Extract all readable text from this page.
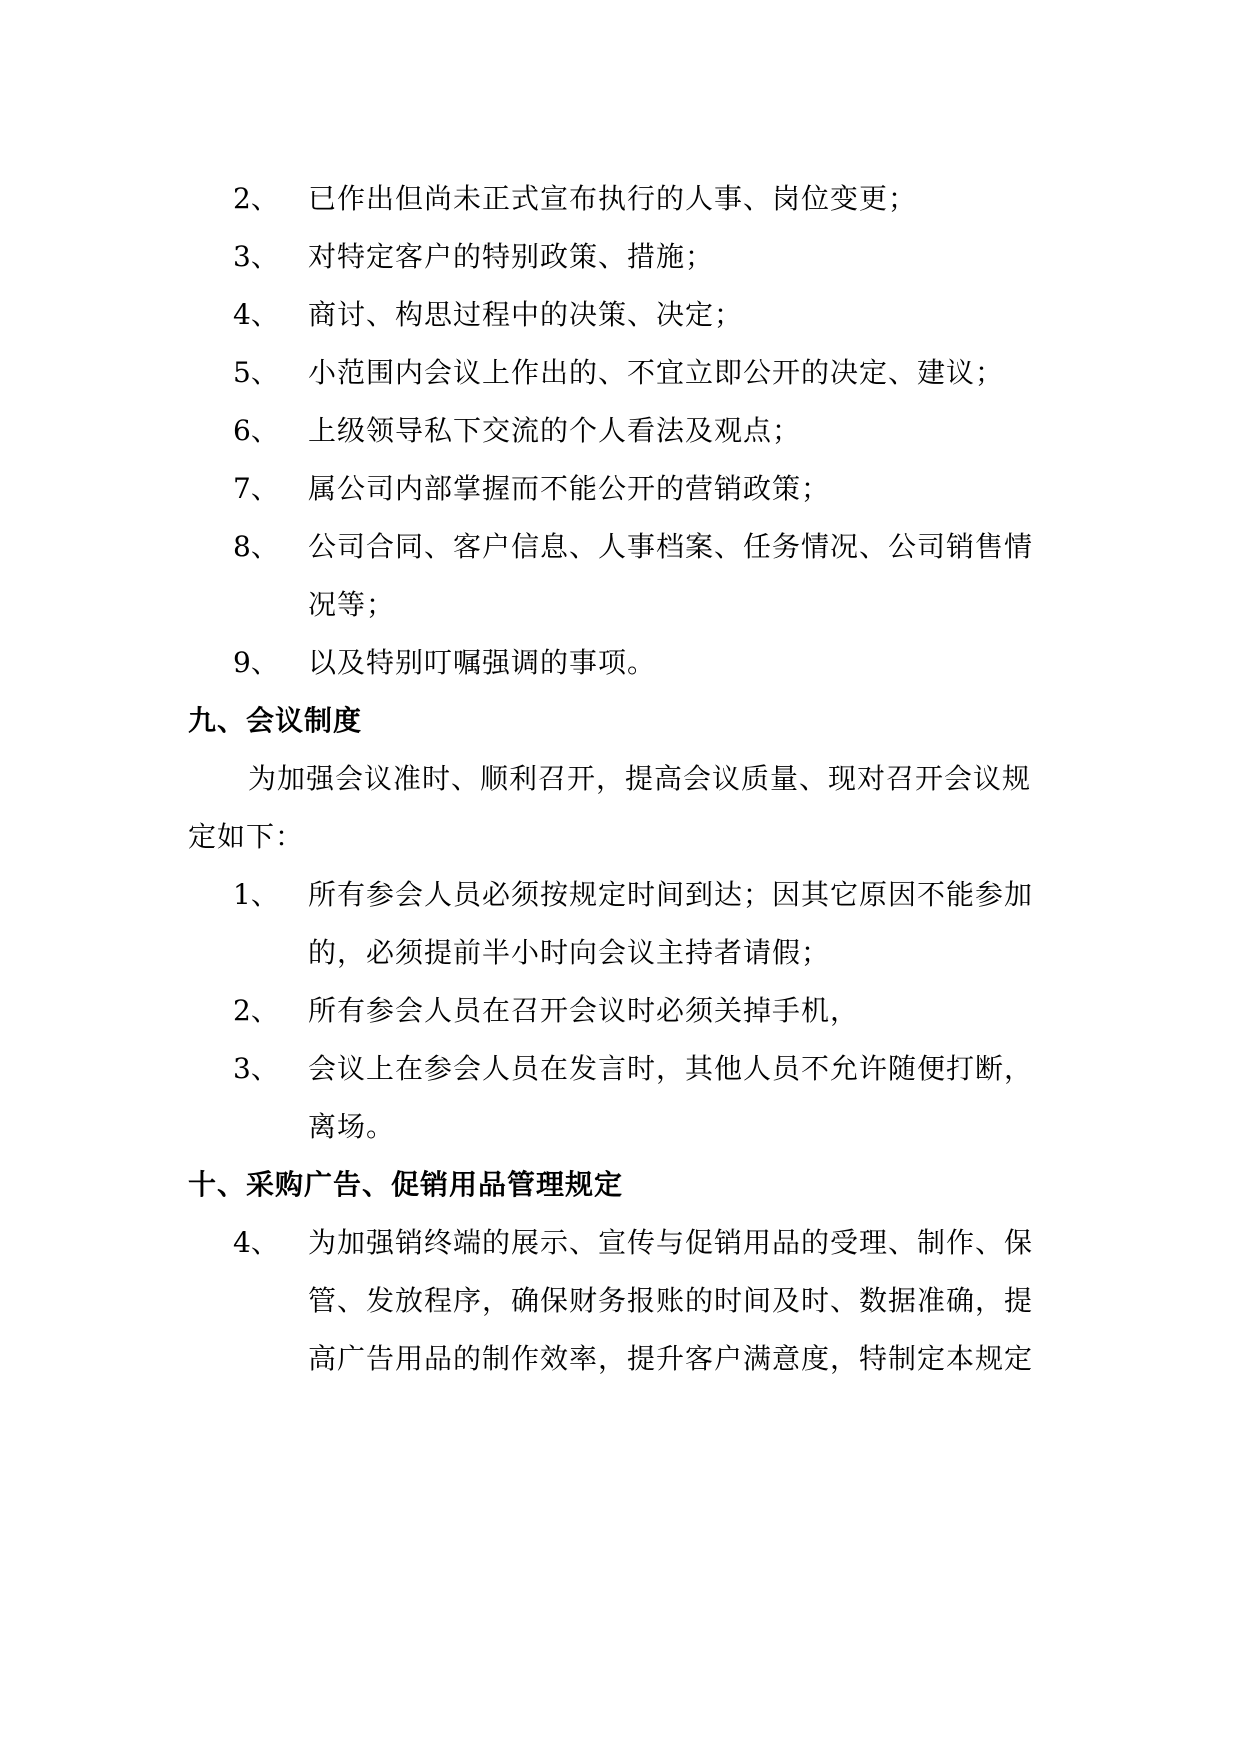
2、 已作出但尚未正式宣布执行的人事、岗位变更；
3、 对特定客户的特别政策、措施；
4、 商讨、构思过程中的决策、决定；
5、 小范围内会议上作出的、不宜立即公开的决定、建议；
6、 上级领导私下交流的个人看法及观点；
7、 属公司内部掌握而不能公开的营销政策；
8、 公司合同、客户信息、人事档案、任务情况、公司销售情
况等；
9、 以及特别叮嘱强调的事项。
九、会议制度
为加强会议准时、顺利召开，提高会议质量、现对召开会议规
定如下：
1、 所有参会人员必须按规定时间到达；因其它原因不能参加
的，必须提前半小时向会议主持者请假；
2、 所有参会人员在召开会议时必须关掉手机，
3、 会议上在参会人员在发言时，其他人员不允许随便打断，
离场。
十、采购广告、促销用品管理规定
4、 为加强销终端的展示、宣传与促销用品的受理、制作、保
管、发放程序，确保财务报账的时间及时、数据准确，提
高广告用品的制作效率，提升客户满意度，特制定本规定
